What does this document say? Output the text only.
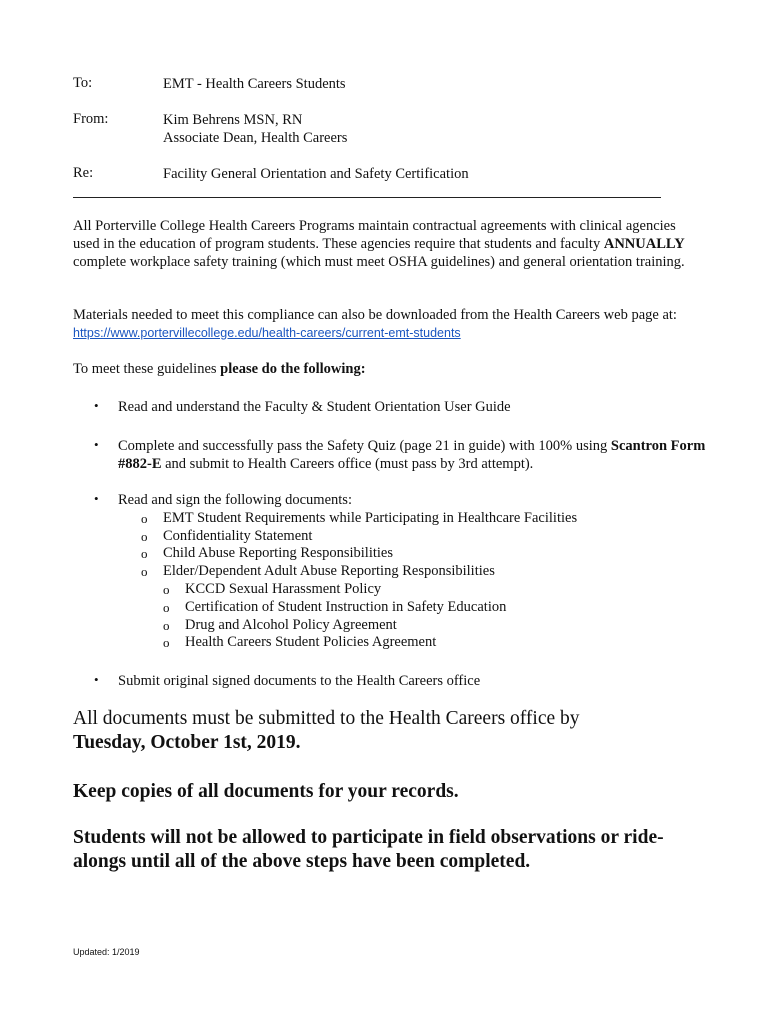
To:	EMT - Health Careers Students
From:	Kim Behrens MSN, RN
Associate Dean, Health Careers
Re:	Facility General Orientation and Safety Certification
All Porterville College Health Careers Programs maintain contractual agreements with clinical agencies used in the education of program students. These agencies require that students and faculty ANNUALLY complete workplace safety training (which must meet OSHA guidelines) and general orientation training.
Materials needed to meet this compliance can also be downloaded from the Health Careers web page at: https://www.portervillecollege.edu/health-careers/current-emt-students
To meet these guidelines please do the following:
• Read and understand the Faculty & Student Orientation User Guide
• Complete and successfully pass the Safety Quiz (page 21 in guide) with 100% using Scantron Form #882-E and submit to Health Careers office (must pass by 3rd attempt).
• Read and sign the following documents:
o EMT Student Requirements while Participating in Healthcare Facilities
o Confidentiality Statement
o Child Abuse Reporting Responsibilities
o Elder/Dependent Adult Abuse Reporting Responsibilities
o KCCD Sexual Harassment Policy
o Certification of Student Instruction in Safety Education
o Drug and Alcohol Policy Agreement
o Health Careers Student Policies Agreement
• Submit original signed documents to the Health Careers office
All documents must be submitted to the Health Careers office by
Tuesday, October 1st, 2019.
Keep copies of all documents for your records.
Students will not be allowed to participate in field observations or ride-
alongs until all of the above steps have been completed.
Updated: 1/2019
